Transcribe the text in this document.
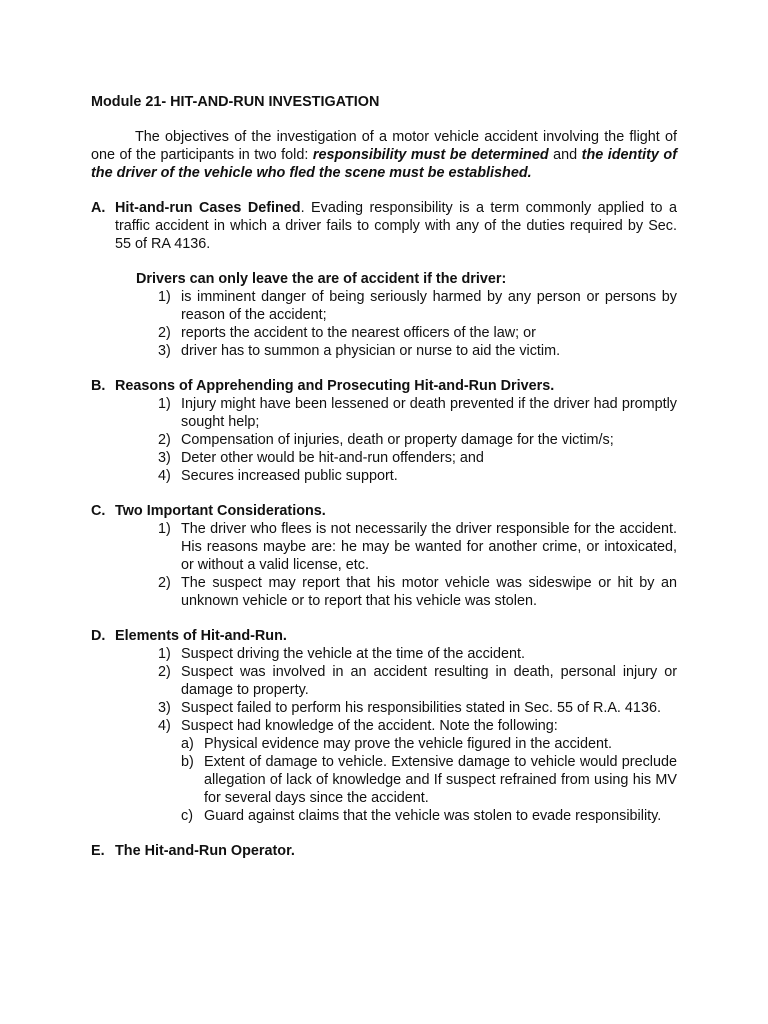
Module 21- HIT-AND-RUN INVESTIGATION
The objectives of the investigation of a motor vehicle accident involving the flight of one of the participants in two fold: responsibility must be determined and the identity of the driver of the vehicle who fled the scene must be established.
A. Hit-and-run Cases Defined. Evading responsibility is a term commonly applied to a traffic accident in which a driver fails to comply with any of the duties required by Sec. 55 of RA 4136.
Drivers can only leave the are of accident if the driver:
1) is imminent danger of being seriously harmed by any person or persons by reason of the accident;
2) reports the accident to the nearest officers of the law; or
3) driver has to summon a physician or nurse to aid the victim.
B. Reasons of Apprehending and Prosecuting Hit-and-Run Drivers.
1) Injury might have been lessened or death prevented if the driver had promptly sought help;
2) Compensation of injuries, death or property damage for the victim/s;
3) Deter other would be hit-and-run offenders; and
4) Secures increased public support.
C. Two Important Considerations.
1) The driver who flees is not necessarily the driver responsible for the accident. His reasons maybe are: he may be wanted for another crime, or intoxicated, or without a valid license, etc.
2) The suspect may report that his motor vehicle was sideswipe or hit by an unknown vehicle or to report that his vehicle was stolen.
D. Elements of Hit-and-Run.
1) Suspect driving the vehicle at the time of the accident.
2) Suspect was involved in an accident resulting in death, personal injury or damage to property.
3) Suspect failed to perform his responsibilities stated in Sec. 55 of R.A. 4136.
4) Suspect had knowledge of the accident. Note the following:
a) Physical evidence may prove the vehicle figured in the accident.
b) Extent of damage to vehicle. Extensive damage to vehicle would preclude allegation of lack of knowledge and If suspect refrained from using his MV for several days since the accident.
c) Guard against claims that the vehicle was stolen to evade responsibility.
E. The Hit-and-Run Operator.
